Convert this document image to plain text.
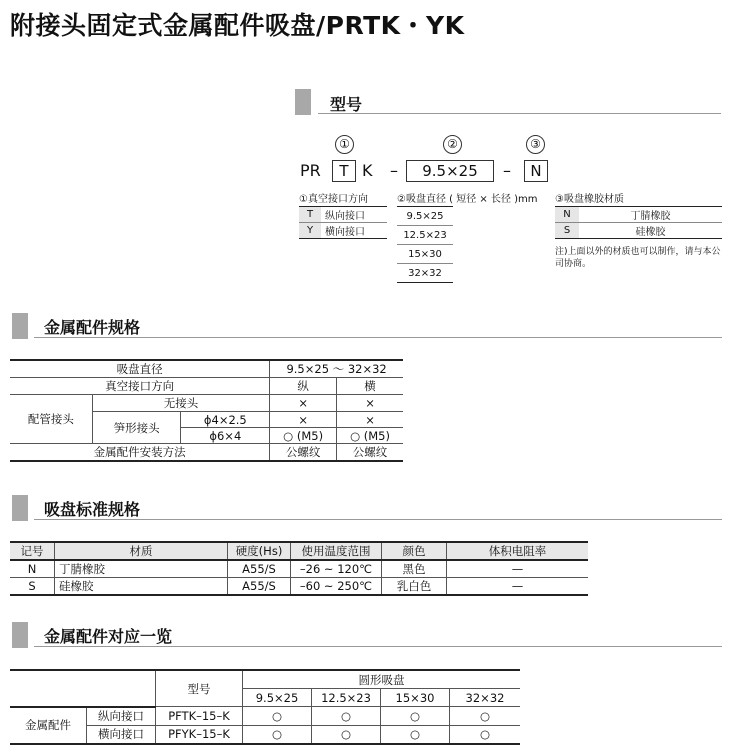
附接头固定式金属配件吸盘/PRTK・YK
型号
①	②	③
PR	T K –	9.5×25	–	N
①真空接口方向
T	纵向接口
Y	横向接口
②吸盘直径 ( 短径 × 长径 )mm
9.5×25
12.5×23
15×30
32×32
③吸盘橡胶材质
N	丁腈橡胶
S	硅橡胶
注)上面以外的材质也可以制作，请与本公司协商。
金属配件规格
吸盘直径			9.5×25 ～ 32×32	
真空接口方向			纵	横
配管接头	无接头		×	×
	笋形接头	ϕ4×2.5	×	×
		ϕ6×4	○ (M5)	○ (M5)
金属配件安装方法			公螺纹	公螺纹
吸盘标准规格
记号	材质	硬度(Hs)	使用温度范围	颜色	体积电阻率
N	丁腈橡胶	A55/S	–26 ~ 120℃	黑色	—
S	硅橡胶	A55/S	–60 ~ 250℃	乳白色	—
金属配件对应一览
		型号	圆形吸盘			
			9.5×25	12.5×23	15×30	32×32
金属配件	纵向接口	PFTK–15–K	○	○	○	○
	横向接口	PFYK–15–K	○	○	○	○
